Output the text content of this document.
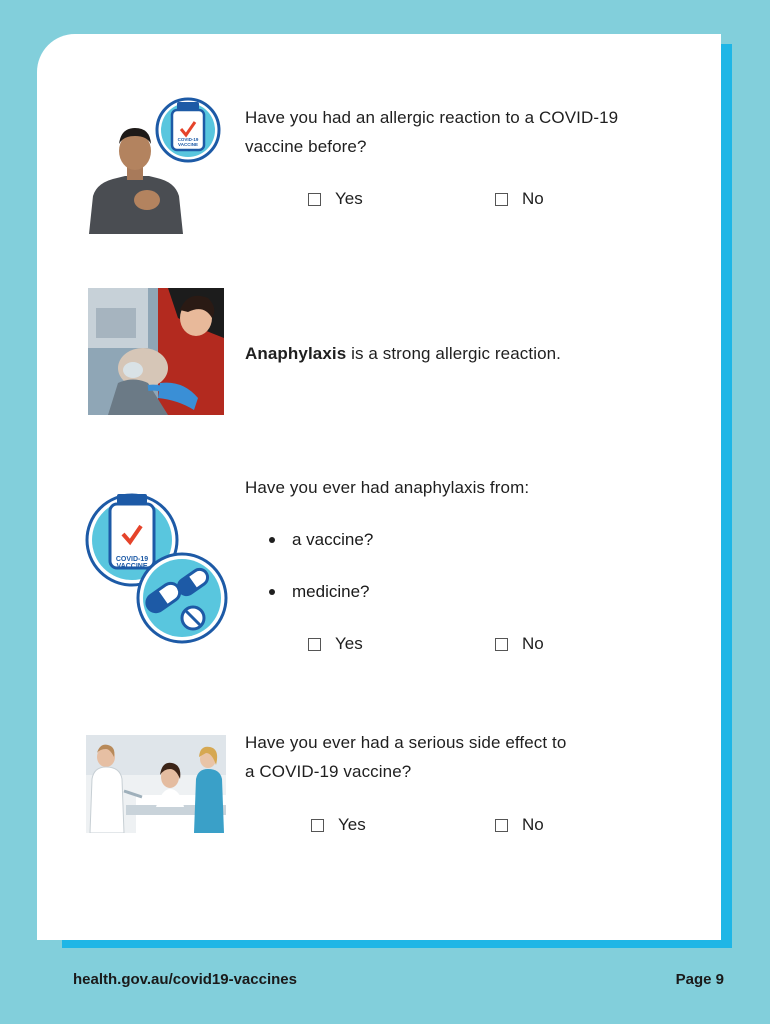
COVID-19
VACCINE
Have you had an allergic reaction to a COVID-19
vaccine before?
Yes	No
Anaphylaxis is a strong allergic reaction.
COVID-19
VACCINE
Have you ever had anaphylaxis from:
a vaccine?
medicine?
Yes	No
Have you ever had a serious side effect to
a COVID-19 vaccine?
Yes	No
health.gov.au/covid19-vaccines	Page 9
